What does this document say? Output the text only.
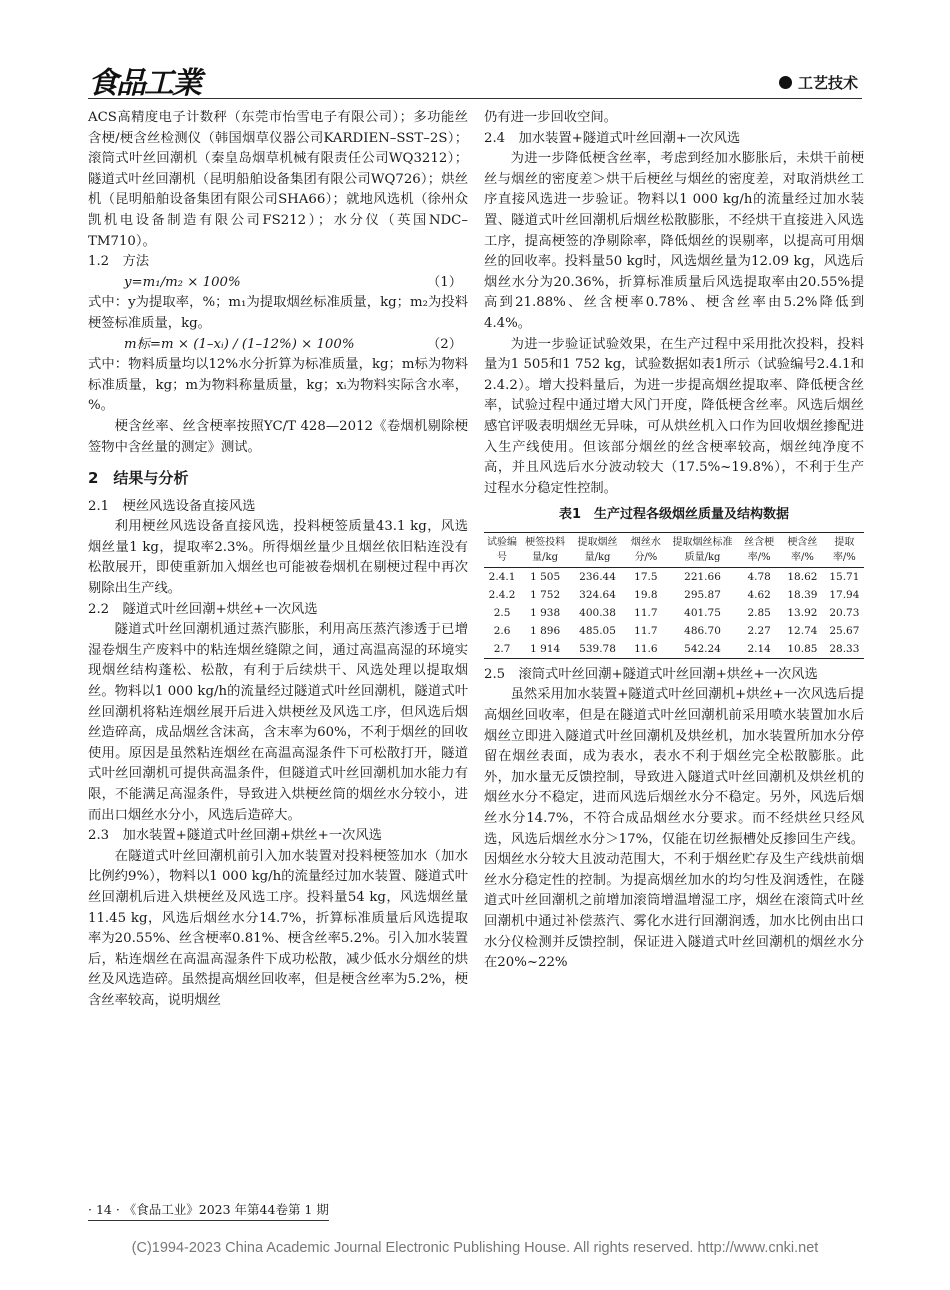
食品工業	工艺技术

ACS高精度电子计数秤（东莞市怡雪电子有限公司）；多功能丝含梗/梗含丝检测仪（韩国烟草仪器公司KARDIEN–SST–2S）；滚筒式叶丝回潮机（秦皇岛烟草机械有限责任公司WQ3212）；隧道式叶丝回潮机（昆明船舶设备集团有限公司WQ726）；烘丝机（昆明船舶设备集团有限公司SHA66）；就地风选机（徐州众凯机电设备制造有限公司FS212）；水分仪（英国NDC–TM710）。

1.2　方法

y=m₁/m₂ × 100%	（1）

式中：y为提取率，%；m₁为提取烟丝标准质量，kg；m₂为投料梗签标准质量，kg。

m标=m × (1–xᵢ) / (1–12%) × 100%	（2）

式中：物料质量均以12%水分折算为标准质量，kg；m标为物料标准质量，kg；m为物料称量质量，kg；xᵢ为物料实际含水率，%。

梗含丝率、丝含梗率按照YC/T 428—2012《卷烟机剔除梗签物中含丝量的测定》测试。

2　结果与分析

2.1　梗丝风选设备直接风选

利用梗丝风选设备直接风选，投料梗签质量43.1 kg，风选烟丝量1 kg，提取率2.3%。所得烟丝量少且烟丝依旧粘连没有松散展开，即使重新加入烟丝也可能被卷烟机在剔梗过程中再次剔除出生产线。

2.2　隧道式叶丝回潮+烘丝+一次风选

隧道式叶丝回潮机通过蒸汽膨胀，利用高压蒸汽渗透于已增湿卷烟生产废料中的粘连烟丝缝隙之间，通过高温高湿的环境实现烟丝结构蓬松、松散，有利于后续烘干、风选处理以提取烟丝。物料以1 000 kg/h的流量经过隧道式叶丝回潮机，隧道式叶丝回潮机将粘连烟丝展开后进入烘梗丝及风选工序，但风选后烟丝造碎高，成品烟丝含沫高，含末率为60%，不利于烟丝的回收使用。原因是虽然粘连烟丝在高温高湿条件下可松散打开，隧道式叶丝回潮机可提供高温条件，但隧道式叶丝回潮机加水能力有限，不能满足高湿条件，导致进入烘梗丝筒的烟丝水分较小，进而出口烟丝水分小，风选后造碎大。

2.3　加水装置+隧道式叶丝回潮+烘丝+一次风选

在隧道式叶丝回潮机前引入加水装置对投料梗签加水（加水比例约9%），物料以1 000 kg/h的流量经过加水装置、隧道式叶丝回潮机后进入烘梗丝及风选工序。投料量54 kg，风选烟丝量11.45 kg，风选后烟丝水分14.7%，折算标准质量后风选提取率为20.55%、丝含梗率0.81%、梗含丝率5.2%。引入加水装置后，粘连烟丝在高温高湿条件下成功松散，减少低水分烟丝的烘丝及风选造碎。虽然提高烟丝回收率，但是梗含丝率为5.2%，梗含丝率较高，说明烟丝

仍有进一步回收空间。

2.4　加水装置+隧道式叶丝回潮+一次风选

为进一步降低梗含丝率，考虑到经加水膨胀后，未烘干前梗丝与烟丝的密度差＞烘干后梗丝与烟丝的密度差，对取消烘丝工序直接风选进一步验证。物料以1 000 kg/h的流量经过加水装置、隧道式叶丝回潮机后烟丝松散膨胀，不经烘干直接进入风选工序，提高梗签的净剔除率，降低烟丝的误剔率，以提高可用烟丝的回收率。投料量50 kg时，风选烟丝量为12.09 kg，风选后烟丝水分为20.36%，折算标准质量后风选提取率由20.55%提高到21.88%、丝含梗率0.78%、梗含丝率由5.2%降低到4.4%。

为进一步验证试验效果，在生产过程中采用批次投料，投料量为1 505和1 752 kg，试验数据如表1所示（试验编号2.4.1和2.4.2）。增大投料量后，为进一步提高烟丝提取率、降低梗含丝率，试验过程中通过增大风门开度，降低梗含丝率。风选后烟丝感官评吸表明烟丝无异味，可从烘丝机入口作为回收烟丝掺配进入生产线使用。但该部分烟丝的丝含梗率较高，烟丝纯净度不高，并且风选后水分波动较大（17.5%~19.8%），不利于生产过程水分稳定性控制。

表1　生产过程各级烟丝质量及结构数据
试验编号	梗签投料量/kg	提取烟丝量/kg	烟丝水分/%	提取烟丝标准质量/kg	丝含梗率/%	梗含丝率/%	提取率/%
2.4.1	1 505	236.44	17.5	221.66	4.78	18.62	15.71
2.4.2	1 752	324.64	19.8	295.87	4.62	18.39	17.94
2.5	1 938	400.38	11.7	401.75	2.85	13.92	20.73
2.6	1 896	485.05	11.7	486.70	2.27	12.74	25.67
2.7	1 914	539.78	11.6	542.24	2.14	10.85	28.33

2.5　滚筒式叶丝回潮+隧道式叶丝回潮+烘丝+一次风选

虽然采用加水装置+隧道式叶丝回潮机+烘丝+一次风选后提高烟丝回收率，但是在隧道式叶丝回潮机前采用喷水装置加水后烟丝立即进入隧道式叶丝回潮机及烘丝机，加水装置所加水分停留在烟丝表面，成为表水，表水不利于烟丝完全松散膨胀。此外，加水量无反馈控制，导致进入隧道式叶丝回潮机及烘丝机的烟丝水分不稳定，进而风选后烟丝水分不稳定。另外，风选后烟丝水分14.7%，不符合成品烟丝水分要求。而不经烘丝只经风选，风选后烟丝水分＞17%，仅能在切丝振槽处反掺回生产线。因烟丝水分较大且波动范围大，不利于烟丝贮存及生产线烘前烟丝水分稳定性的控制。为提高烟丝加水的均匀性及润透性，在隧道式叶丝回潮机之前增加滚筒增温增湿工序，烟丝在滚筒式叶丝回潮机中通过补偿蒸汽、雾化水进行回潮润透，加水比例由出口水分仪检测并反馈控制，保证进入隧道式叶丝回潮机的烟丝水分在20%~22%

· 14 · 《食品工业》2023 年第44卷第 1 期
(C)1994-2023 China Academic Journal Electronic Publishing House. All rights reserved. http://www.cnki.net
